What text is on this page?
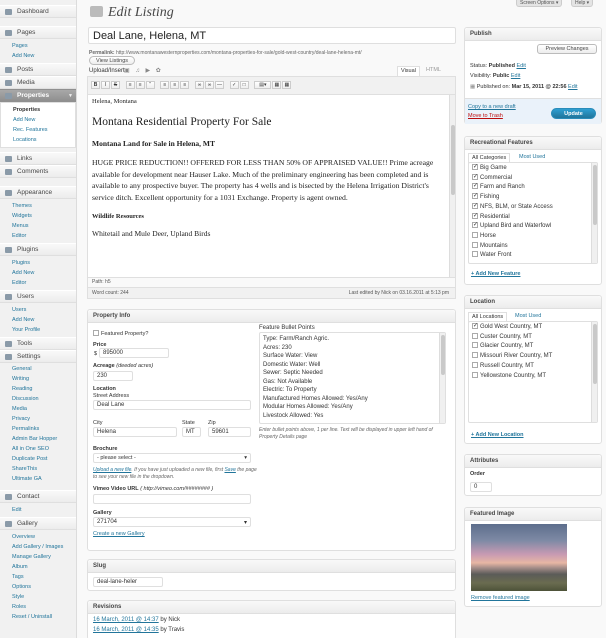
Screen Options ▾	Help ▾
Dashboard
Pages
Pages
Add New
Posts
Media
Properties	▼
Properties
Add New
Rec. Features
Locations
Links
Comments
Appearance
Themes
Widgets
Menus
Editor
Plugins
Plugins
Add New
Editor
Users
Users
Add New
Your Profile
Tools
Settings
General
Writing
Reading
Discussion
Media
Privacy
Permalinks
Admin Bar Hopper
All in One SEO
Duplicate Post
ShareThis
Ultimate GA
Contact
Edit
Gallery
Overview
Add Gallery / Images
Manage Gallery
Album
Tags
Options
Style
Roles
Reset / Uninstall
Edit Listing
Deal Lane, Helena, MT
Permalink: http://www.montanawesternproperties.com/montana-properties-for-sale/gold-west-country/deal-lane-helena-mt/
View Listings
Upload/Insert ▣ ♫ ▶ ✿	Visual	HTML
B I S ≡ ≡ “ ≡ ≡ ≡ ∞ ∞ — ✓ □	▤▾ ▦ ▦

Helena, Montana

Montana Residential Property For Sale

Montana Land for Sale in Helena, MT

HUGE PRICE REDUCTION!! OFFERED FOR LESS THAN 50% OF APPRAISED VALUE!! Prime acreage available for development near Hauser Lake. Much of the preliminary engineering has been completed and is available to any prospective buyer. The property has 4 wells and is bisected by the Helena Irrigation District's service ditch. Excellent opportunity for a 1031 Exchange. Property is agent owned.

Wildlife Resources

Whitetail and Mule Deer, Upland Birds

Path: h5
Word count: 244	Last edited by Nick on 03.16.2011 at 5:13 pm
Property Info
Featured Property?
Price
$ 895000
Acreage (deeded acres)
230
Location
Street Address
Deal Lane
City
Helena
State
MT
Zip
59601
Brochure
- please select -	▾
Upload a new file. If you have just uploaded a new file, first Save the page to see your new file in the dropdown.
Vimeo Video URL ( http://vimeo.com/######## )
Gallery
271704	▾
Create a new Gallery
Feature Bullet Points
Type: Farm/Ranch Agric.
Acres: 230
Surface Water: View
Domestic Water: Well
Sewer: Septic Needed
Gas: Not Available
Electric: To Property
Manufactured Homes Allowed: Yes/Any
Modular Homes Allowed: Yes/Any
Livestock Allowed: Yes
Enter bullet points above, 1 per line. Text will be displayed in upper left hand of Property Details page
Slug
deal-lane-heler
Revisions
16 March, 2011 @ 14:37 by Nick
16 March, 2011 @ 14:35 by Travis
Publish
Preview Changes
Status: Published Edit
Visibility: Public Edit
▦ Published on: Mar 15, 2011 @ 22:56 Edit
Copy to a new draft
Move to Trash	Update
Recreational Features
All Categories	Most Used
✓Big Game
✓Commercial
✓Farm and Ranch
✓Fishing
✓NFS, BLM, or State Access
✓Residential
✓Upland Bird and Waterfowl
Horse
Mountains
Water Front
+ Add New Feature
Location
All Locations	Most Used
✓Gold West Country, MT
Custer Country, MT
Glacier Country, MT
Missouri River Country, MT
Russell Country, MT
Yellowstone Country, MT
+ Add New Location
Attributes
Order
0
Featured Image
Remove featured image
